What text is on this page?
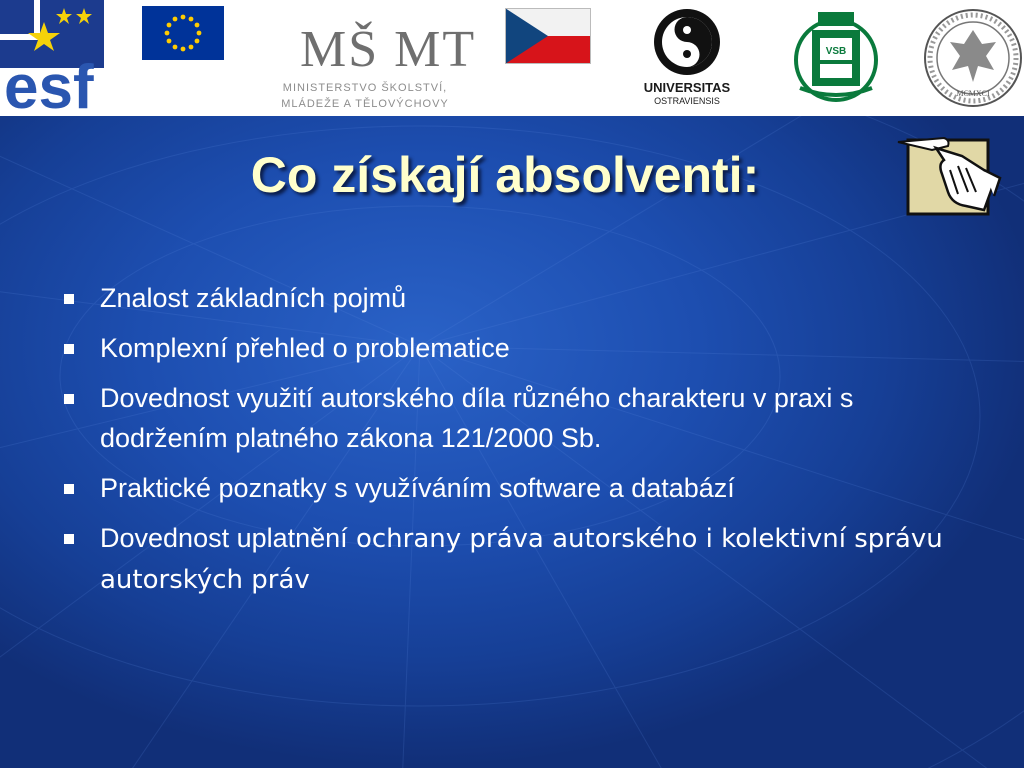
esf
MŠ MT
MINISTERSTVO ŠKOLSTVÍ,
MLÁDEŽE A TĚLOVÝCHOVY
UNIVERSITAS
OSTRAVIENSIS
VSB
MCMXCI
Co získají absolventi:
Znalost základních pojmů
Komplexní přehled o problematice
Dovednost využití autorského díla různého charakteru v praxi s dodržením platného zákona 121/2000 Sb.
Praktické poznatky s využíváním software a databází
Dovednost uplatnění ochrany práva autorského i kolektivní správu autorských práv
